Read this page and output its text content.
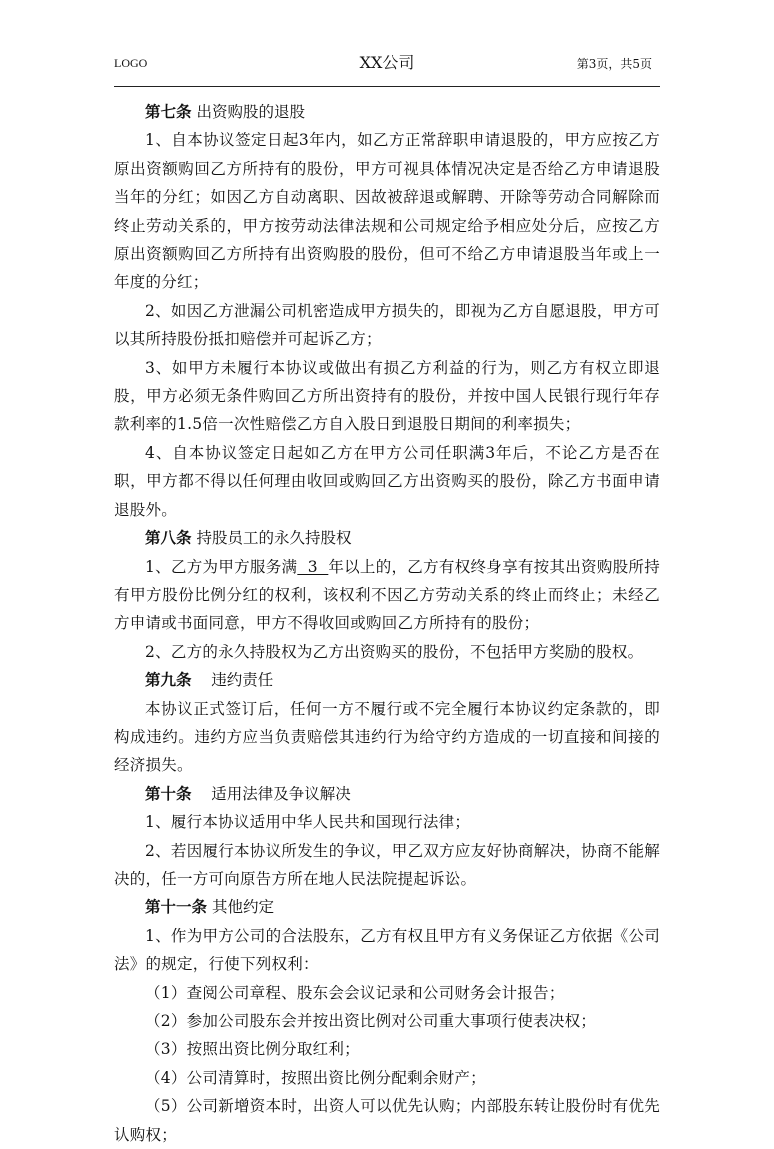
LOGO	XX公司	第3页，共5页

第七条 出资购股的退股

1、自本协议签定日起3年内，如乙方正常辞职申请退股的，甲方应按乙方原出资额购回乙方所持有的股份，甲方可视具体情况决定是否给乙方申请退股当年的分红；如因乙方自动离职、因故被辞退或解聘、开除等劳动合同解除而终止劳动关系的，甲方按劳动法律法规和公司规定给予相应处分后，应按乙方原出资额购回乙方所持有出资购股的股份，但可不给乙方申请退股当年或上一年度的分红；

2、如因乙方泄漏公司机密造成甲方损失的，即视为乙方自愿退股，甲方可以其所持股份抵扣赔偿并可起诉乙方；

3、如甲方未履行本协议或做出有损乙方利益的行为，则乙方有权立即退股，甲方必须无条件购回乙方所出资持有的股份，并按中国人民银行现行年存款利率的1.5倍一次性赔偿乙方自入股日到退股日期间的利率损失；

4、自本协议签定日起如乙方在甲方公司任职满3年后，不论乙方是否在职，甲方都不得以任何理由收回或购回乙方出资购买的股份，除乙方书面申请退股外。

第八条 持股员工的永久持股权

1、乙方为甲方服务满  3  年以上的，乙方有权终身享有按其出资购股所持有甲方股份比例分红的权利，该权利不因乙方劳动关系的终止而终止；未经乙方申请或书面同意，甲方不得收回或购回乙方所持有的股份；

2、乙方的永久持股权为乙方出资购买的股份，不包括甲方奖励的股权。

第九条 违约责任

本协议正式签订后，任何一方不履行或不完全履行本协议约定条款的，即构成违约。违约方应当负责赔偿其违约行为给守约方造成的一切直接和间接的经济损失。

第十条 适用法律及争议解决

1、履行本协议适用中华人民共和国现行法律；

2、若因履行本协议所发生的争议，甲乙双方应友好协商解决，协商不能解决的，任一方可向原告方所在地人民法院提起诉讼。

第十一条 其他约定

1、作为甲方公司的合法股东，乙方有权且甲方有义务保证乙方依据《公司法》的规定，行使下列权利：

（1）查阅公司章程、股东会会议记录和公司财务会计报告；

（2）参加公司股东会并按出资比例对公司重大事项行使表决权；

（3）按照出资比例分取红利；

（4）公司清算时，按照出资比例分配剩余财产；

（5）公司新增资本时，出资人可以优先认购；内部股东转让股份时有优先认购权；
